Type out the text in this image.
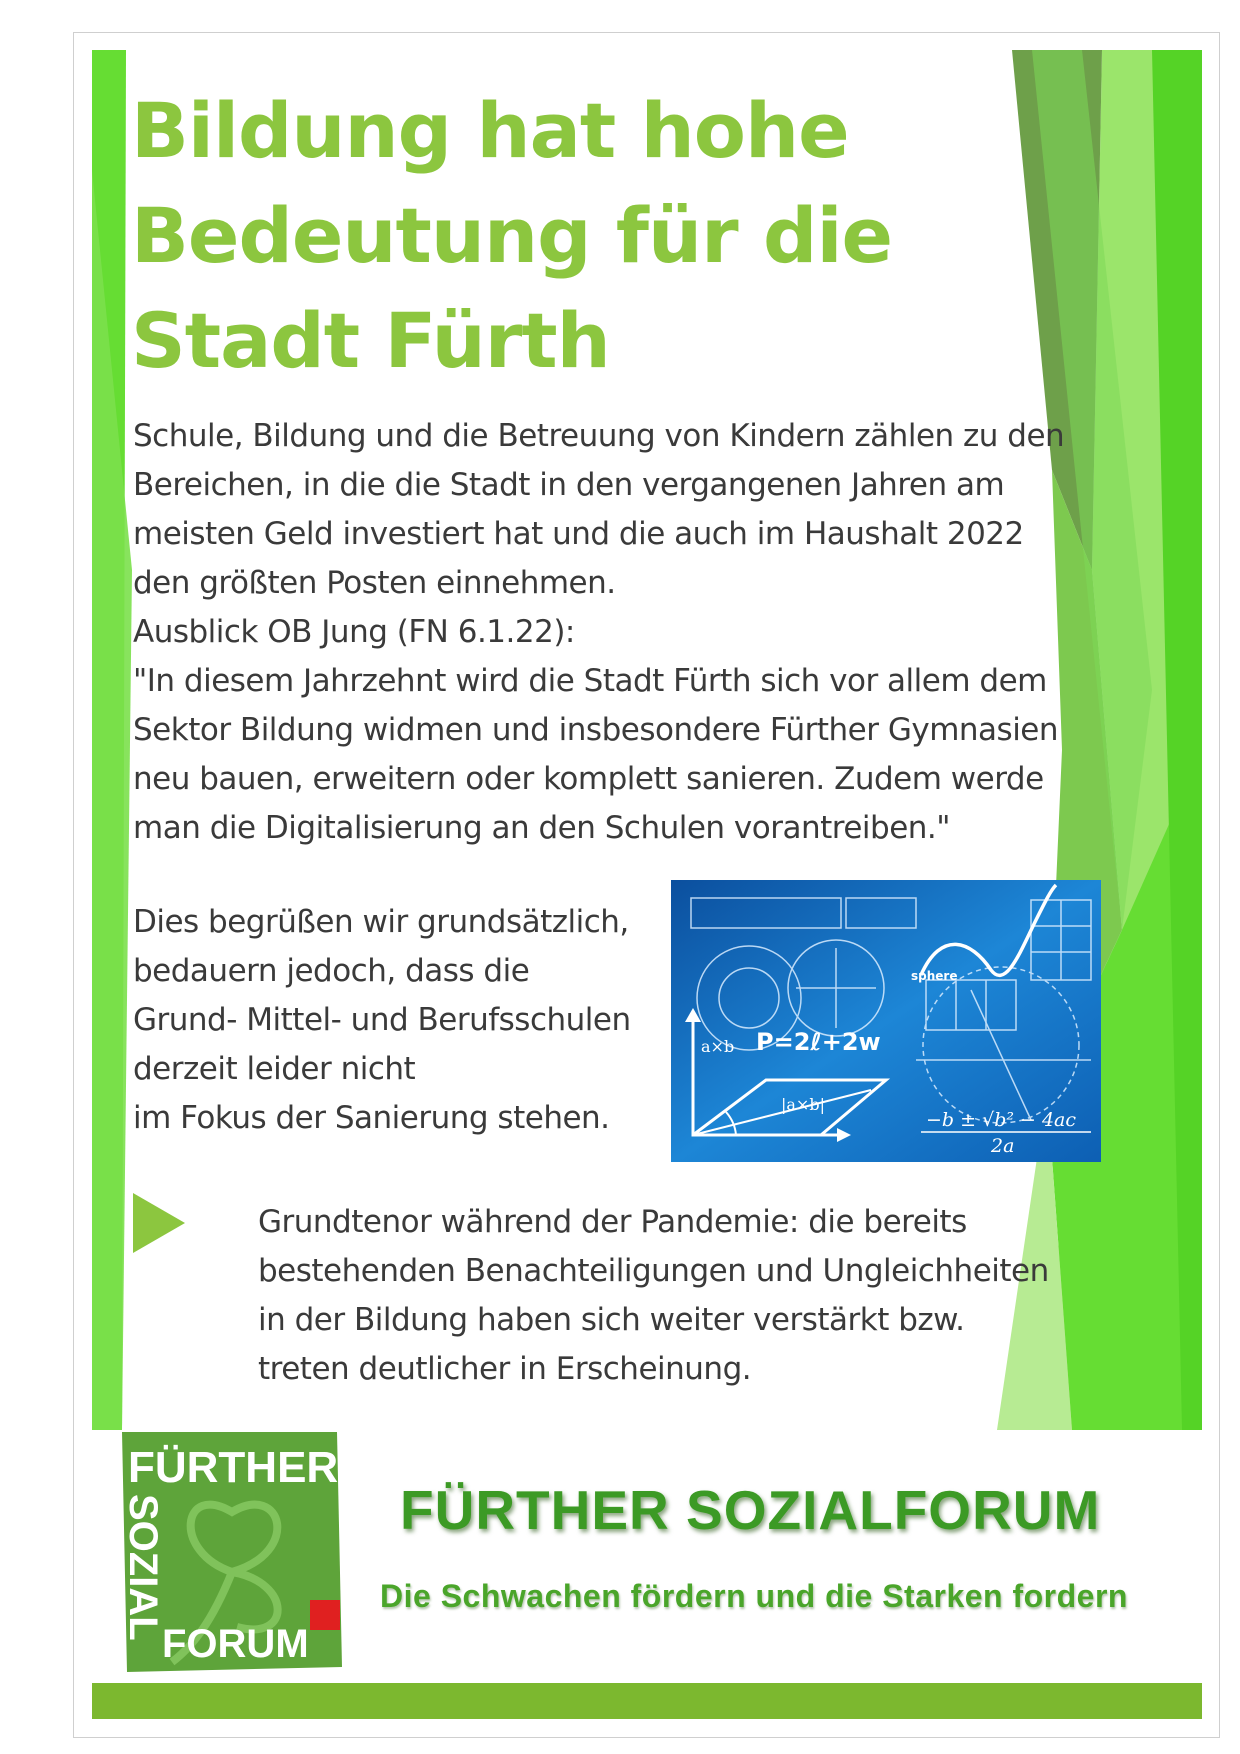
Bildung hat hohe
Bedeutung für die
Stadt Fürth

Schule, Bildung und die Betreuung von Kindern zählen zu den
Bereichen, in die die Stadt in den vergangenen Jahren am
meisten Geld investiert hat und die auch im Haushalt 2022
den größten Posten einnehmen.
Ausblick OB Jung (FN 6.1.22):
"In diesem Jahrzehnt wird die Stadt Fürth sich vor allem dem
Sektor Bildung widmen und insbesondere Fürther Gymnasien
neu bauen, erweitern oder komplett sanieren. Zudem werde
man die Digitalisierung an den Schulen vorantreiben."

Dies begrüßen wir grundsätzlich,
bedauern jedoch, dass die
Grund- Mittel- und Berufsschulen
derzeit leider nicht
im Fokus der Sanierung stehen.

P=2ℓ+2w
a×b
|a×b|
sphere
−b ± √b² − 4ac
2a

Grundtenor während der Pandemie: die bereits
bestehenden Benachteiligungen und Ungleichheiten
in der Bildung haben sich weiter verstärkt bzw.
treten deutlicher in Erscheinung.

FÜRTHER
SOZIAL
FORUM
FÜRTHER SOZIALFORUM

Die Schwachen fördern und die Starken fordern
